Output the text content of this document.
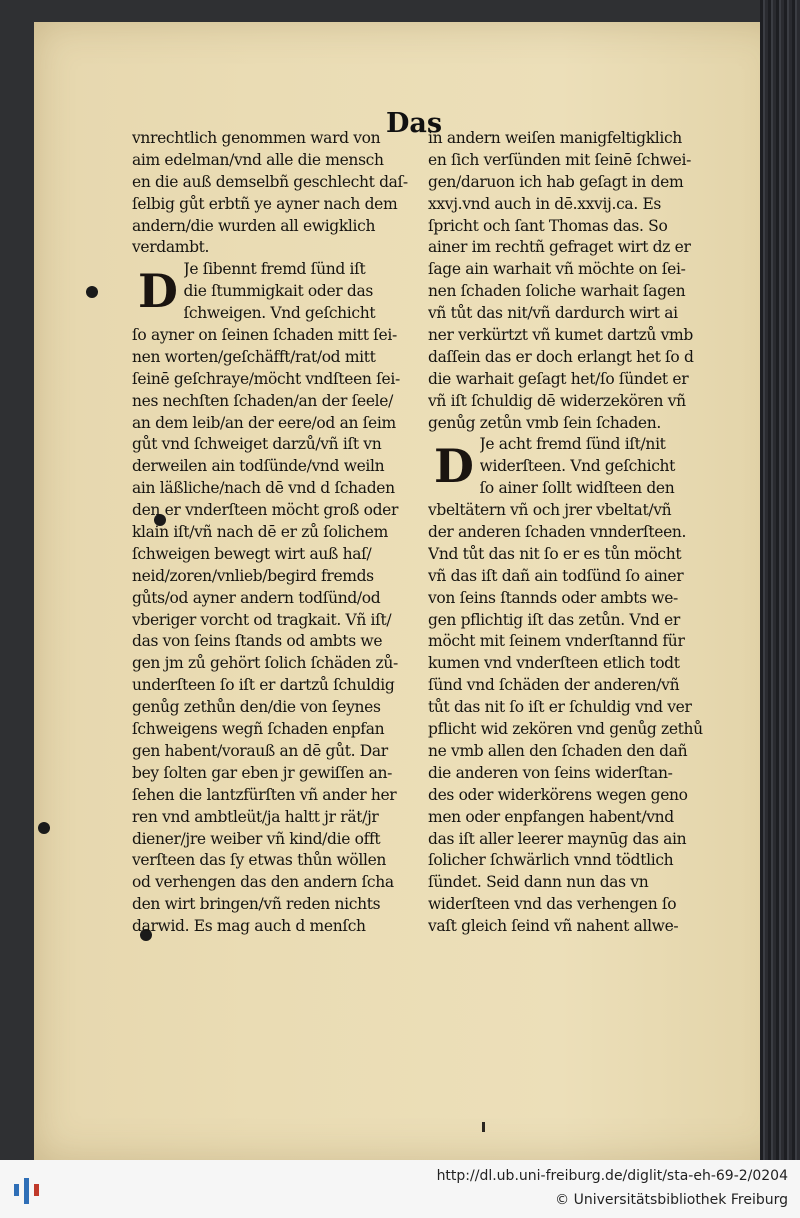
Das
vnrechtlich genommen ward von
aim edelman/vnd alle die mensch
en die auß demselbñ geschlecht daſ-
ſelbig gůt erbtñ ye ayner nach dem
andern/die wurden all ewigklich
verdambt.
D Je ſibennt fremd ſünd iſt
die ſtummigkait oder das
ſchweigen. Vnd geſchicht
ſo ayner on ſeinen ſchaden mitt ſei-
nen worten/geſchäfft/rat/od mitt
ſeinē geſchraye/möcht vndſteen ſei-
nes nechſten ſchaden/an der ſeele/
an dem leib/an der eere/od an ſeim
gůt vnd ſchweiget darzů/vñ iſt vn
derweilen ain todſünde/vnd weiln
ain läßliche/nach dē vnd d ſchaden
den er vnderſteen möcht groß oder
klain iſt/vñ nach dē er zů ſolichem
ſchweigen bewegt wirt auß haſ/
neid/zoren/vnlieb/begird fremds
gůts/od ayner andern todſünd/od
vberiger vorcht od tragkait. Vñ iſt/
das von ſeins ſtands od ambts we
gen jm zů gehört ſolich ſchäden zů-
underſteen ſo iſt er dartzů ſchuldig
genůg zethůn den/die von ſeynes
ſchweigens wegñ ſchaden enpfan
gen habent/vorauß an dē gůt. Dar
bey ſolten gar eben jr gewiſſen an-
ſehen die lantzfürſten vñ ander her
ren vnd ambtleüt/ja haltt jr rät/jr
diener/jre weiber vñ kind/die offt
verſteen das ſy etwas thůn wöllen
od verhengen das den andern ſcha
den wirt bringen/vñ reden nichts
darwid. Es mag auch d menſch
in andern weiſen manigfeltigklich
en ſich verſünden mit ſeinē ſchwei-
gen/daruon ich hab geſagt in dem
xxvj.vnd auch in dē.xxvij.ca. Es
ſpricht och ſant Thomas das. So
ainer im rechtñ gefraget wirt dz er
ſage ain warhait vñ möchte on ſei-
nen ſchaden ſoliche warhait ſagen
vñ tůt das nit/vñ dardurch wirt ai
ner verkürtzt vñ kumet dartzů vmb
daſſein das er doch erlangt het ſo d
die warhait geſagt het/ſo ſündet er
vñ iſt ſchuldig dē widerzekören vñ
genůg zetůn vmb ſein ſchaden.
D Je acht fremd ſünd iſt/nit
widerſteen. Vnd geſchicht
ſo ainer ſollt widſteen den
vbeltätern vñ och jrer vbeltat/vñ
der anderen ſchaden vnnderſteen.
Vnd tůt das nit ſo er es tůn möcht
vñ das iſt dañ ain todſünd ſo ainer
von ſeins ſtannds oder ambts we-
gen pflichtig iſt das zetůn. Vnd er
möcht mit ſeinem vnderſtannd für
kumen vnd vnderſteen etlich todt
ſünd vnd ſchäden der anderen/vñ
tůt das nit ſo iſt er ſchuldig vnd ver
pflicht wid zekören vnd genůg zethů
ne vmb allen den ſchaden den dañ
die anderen von ſeins widerſtan-
des oder widerkörens wegen geno
men oder enpfangen habent/vnd
das iſt aller leerer maynūg das ain
ſolicher ſchwärlich vnnd tödtlich
ſündet. Seid dann nun das vn
widerſteen vnd das verhengen ſo
vaſt gleich ſeind vñ nahent allwe-
http://dl.ub.uni-freiburg.de/diglit/sta-eh-69-2/0204
© Universitätsbibliothek Freiburg
